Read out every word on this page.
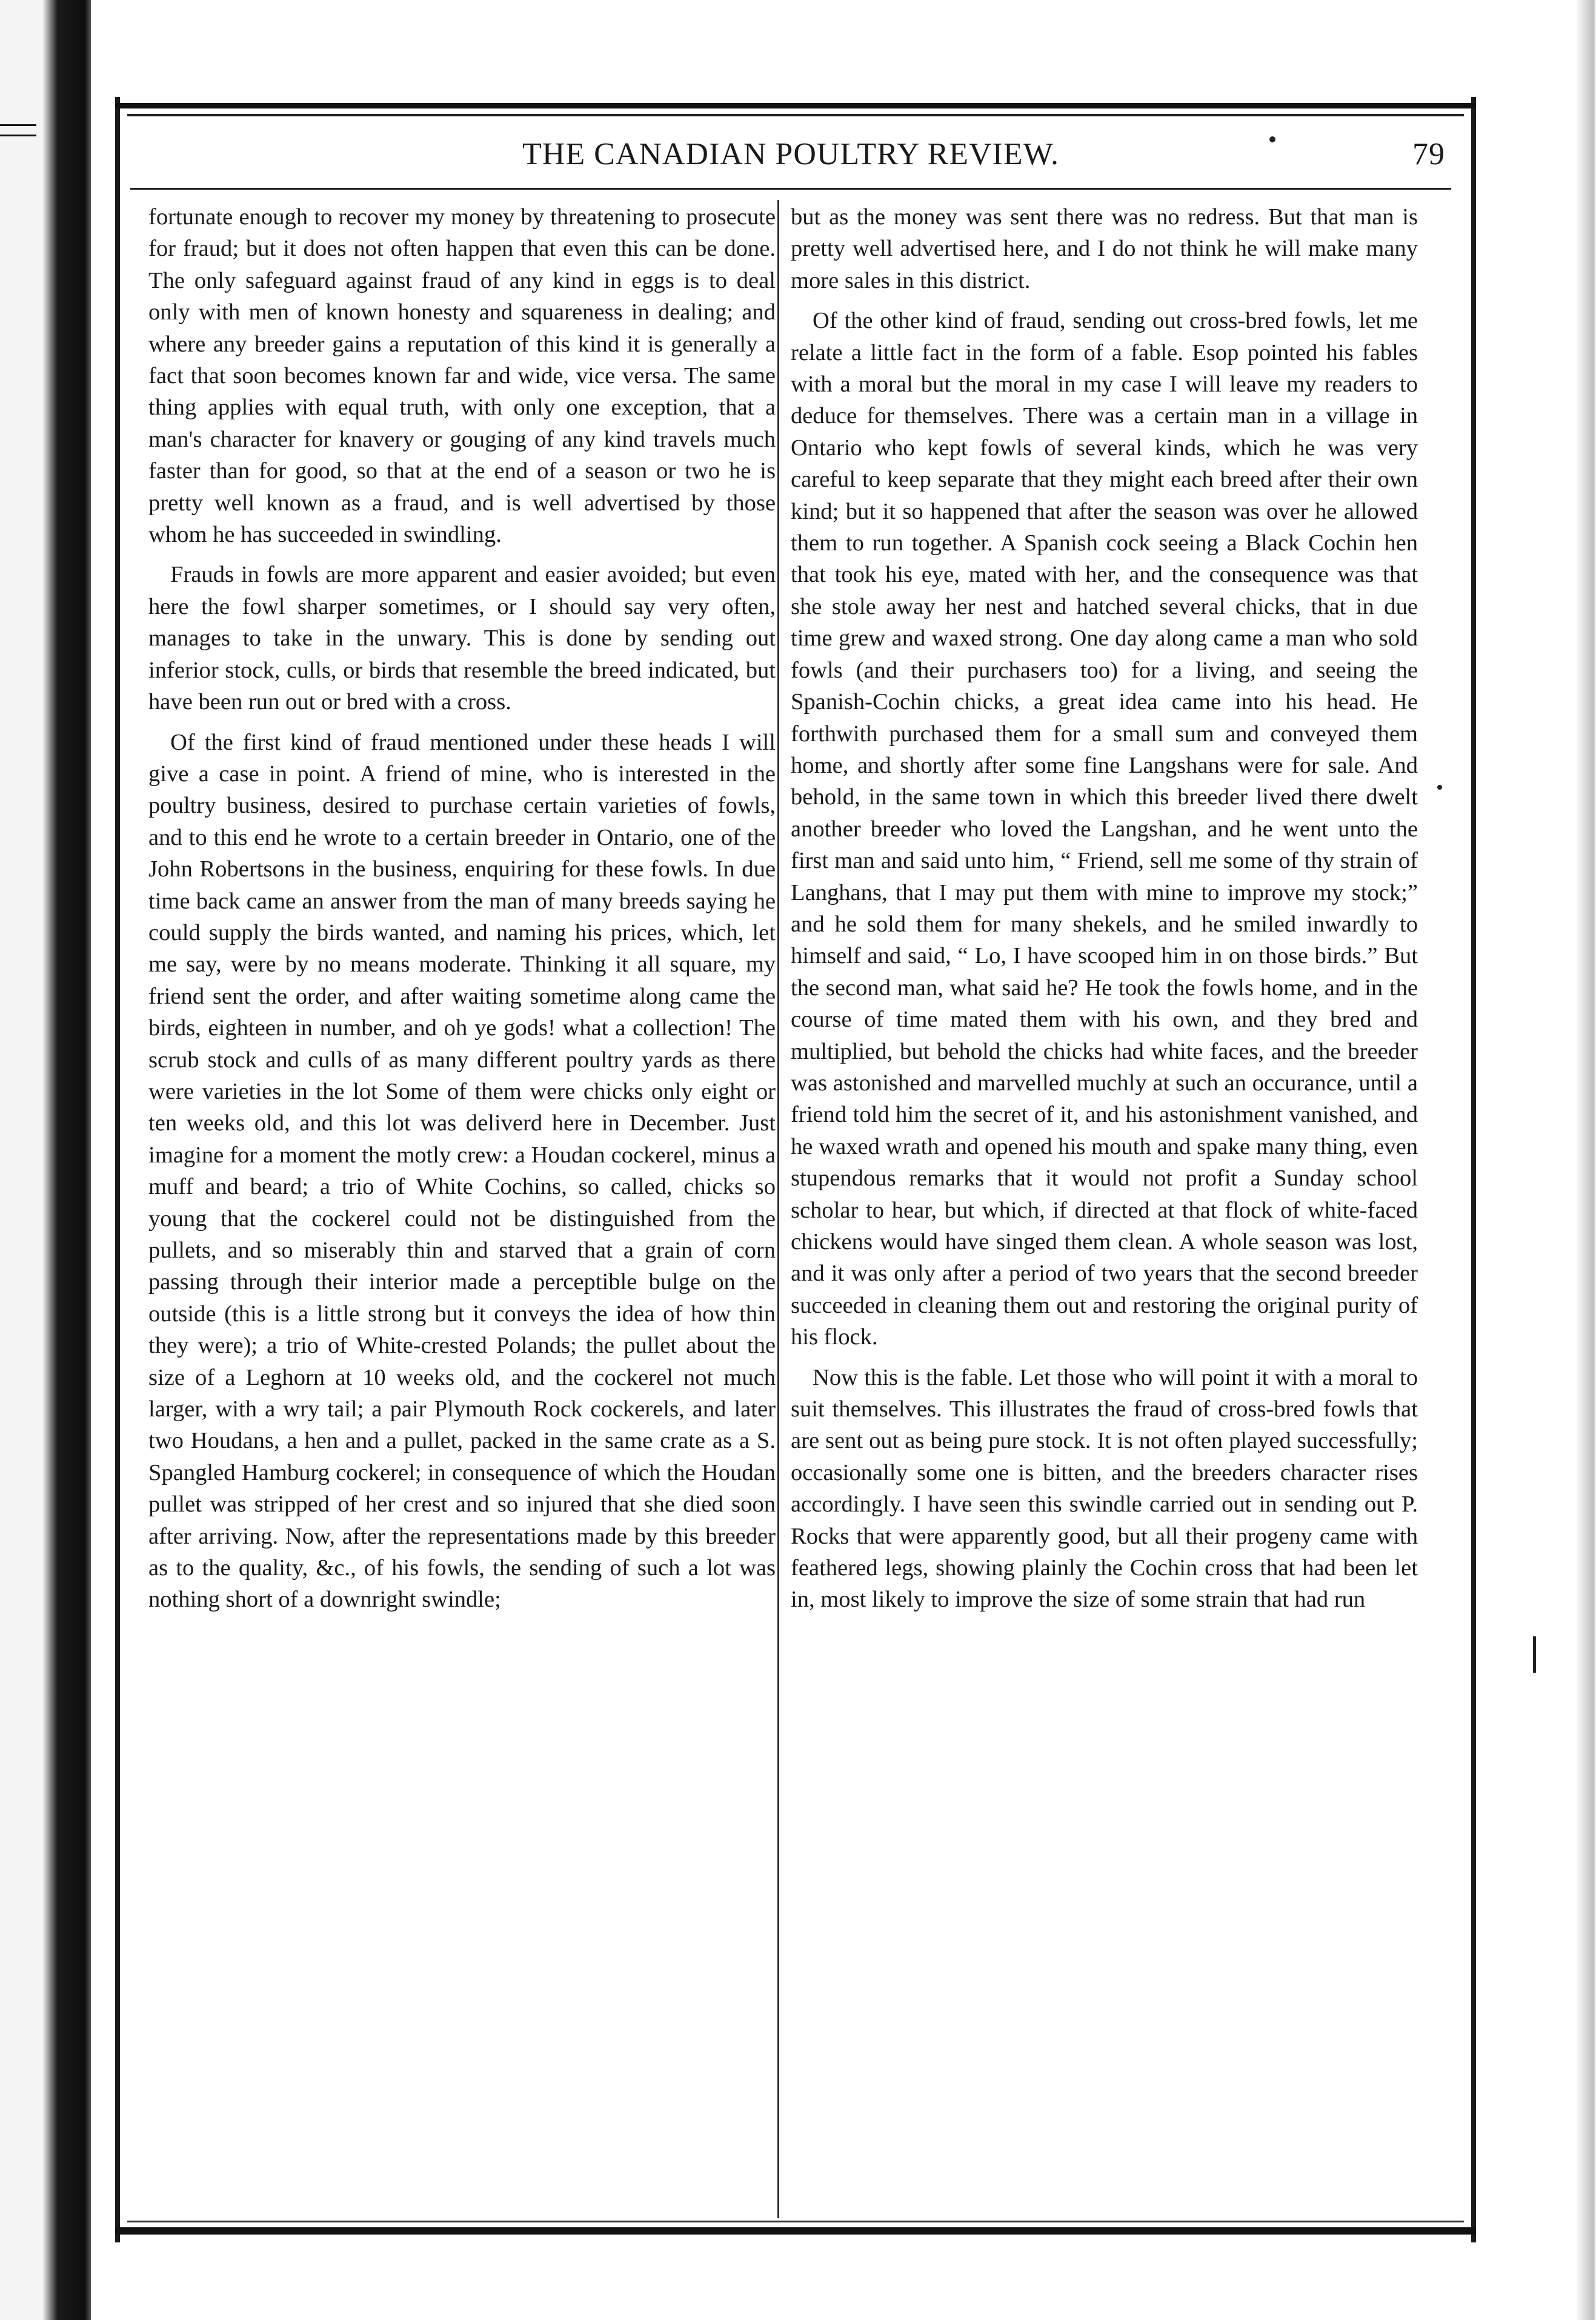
THE CANADIAN POULTRY REVIEW.	79

fortunate enough to recover my money by threatening to prosecute for fraud; but it does not often happen that even this can be done. The only safeguard against fraud of any kind in eggs is to deal only with men of known honesty and squareness in dealing; and where any breeder gains a reputation of this kind it is generally a fact that soon becomes known far and wide, vice versa. The same thing applies with equal truth, with only one exception, that a man's character for knavery or gouging of any kind travels much faster than for good, so that at the end of a season or two he is pretty well known as a fraud, and is well advertised by those whom he has succeeded in swindling.

Frauds in fowls are more apparent and easier avoided; but even here the fowl sharper sometimes, or I should say very often, manages to take in the unwary. This is done by sending out inferior stock, culls, or birds that resemble the breed indicated, but have been run out or bred with a cross.

Of the first kind of fraud mentioned under these heads I will give a case in point. A friend of mine, who is interested in the poultry business, desired to purchase certain varieties of fowls, and to this end he wrote to a certain breeder in Ontario, one of the John Robertsons in the business, enquiring for these fowls. In due time back came an answer from the man of many breeds saying he could supply the birds wanted, and naming his prices, which, let me say, were by no means moderate. Thinking it all square, my friend sent the order, and after waiting sometime along came the birds, eighteen in number, and oh ye gods! what a collection! The scrub stock and culls of as many different poultry yards as there were varieties in the lot Some of them were chicks only eight or ten weeks old, and this lot was deliverd here in December. Just imagine for a moment the motly crew: a Houdan cockerel, minus a muff and beard; a trio of White Cochins, so called, chicks so young that the cockerel could not be distinguished from the pullets, and so miserably thin and starved that a grain of corn passing through their interior made a perceptible bulge on the outside (this is a little strong but it conveys the idea of how thin they were); a trio of White-crested Polands; the pullet about the size of a Leghorn at 10 weeks old, and the cockerel not much larger, with a wry tail; a pair Plymouth Rock cockerels, and later two Houdans, a hen and a pullet, packed in the same crate as a S. Spangled Hamburg cockerel; in consequence of which the Houdan pullet was stripped of her crest and so injured that she died soon after arriving. Now, after the representations made by this breeder as to the quality, &c., of his fowls, the sending of such a lot was nothing short of a downright swindle;

but as the money was sent there was no redress. But that man is pretty well advertised here, and I do not think he will make many more sales in this district.

Of the other kind of fraud, sending out cross-bred fowls, let me relate a little fact in the form of a fable. Esop pointed his fables with a moral but the moral in my case I will leave my readers to deduce for themselves. There was a certain man in a village in Ontario who kept fowls of several kinds, which he was very careful to keep separate that they might each breed after their own kind; but it so happened that after the season was over he allowed them to run together. A Spanish cock seeing a Black Cochin hen that took his eye, mated with her, and the consequence was that she stole away her nest and hatched several chicks, that in due time grew and waxed strong. One day along came a man who sold fowls (and their purchasers too) for a living, and seeing the Spanish-Cochin chicks, a great idea came into his head. He forthwith purchased them for a small sum and conveyed them home, and shortly after some fine Langshans were for sale. And behold, in the same town in which this breeder lived there dwelt another breeder who loved the Langshan, and he went unto the first man and said unto him, “ Friend, sell me some of thy strain of Langhans, that I may put them with mine to improve my stock;” and he sold them for many shekels, and he smiled inwardly to himself and said, “ Lo, I have scooped him in on those birds.” But the second man, what said he? He took the fowls home, and in the course of time mated them with his own, and they bred and multiplied, but behold the chicks had white faces, and the breeder was astonished and marvelled muchly at such an occurance, until a friend told him the secret of it, and his astonishment vanished, and he waxed wrath and opened his mouth and spake many thing, even stupendous remarks that it would not profit a Sunday school scholar to hear, but which, if directed at that flock of white-faced chickens would have singed them clean. A whole season was lost, and it was only after a period of two years that the second breeder succeeded in cleaning them out and restoring the original purity of his flock.

Now this is the fable. Let those who will point it with a moral to suit themselves. This illustrates the fraud of cross-bred fowls that are sent out as being pure stock. It is not often played successfully; occasionally some one is bitten, and the breeders character rises accordingly. I have seen this swindle carried out in sending out P. Rocks that were apparently good, but all their progeny came with feathered legs, showing plainly the Cochin cross that had been let in, most likely to improve the size of some strain that had run
